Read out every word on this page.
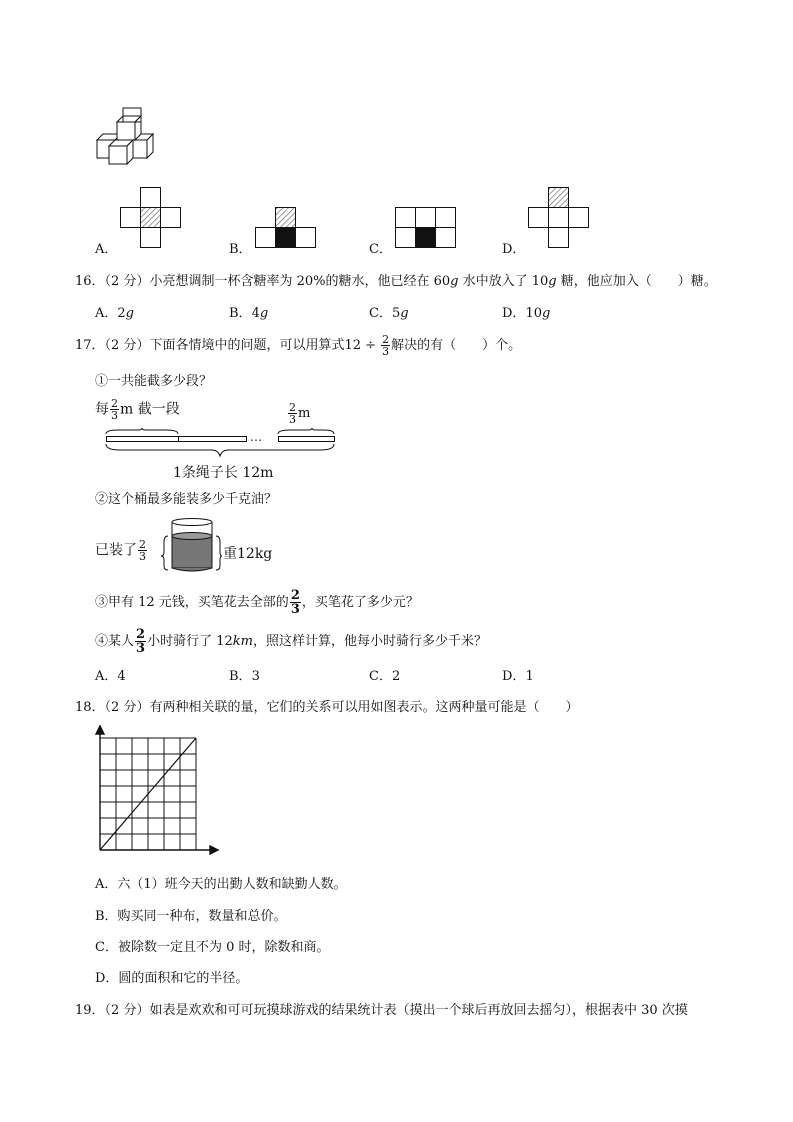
A．	B．	C．	D．
16．（2 分）小亮想调制一杯含糖率为 20%的糖水，他已经在 60g 水中放入了 10g 糖，他应加入（　　）糖。
A．2g	B．4g	C．5g	D．10g
17．（2 分）下面各情境中的问题，可以用算式$12 \div \frac{2}{3}$ 解决的有（　　）个。
①一共能截多少段？
每 $\frac{2}{3}$ m 截一段	$\frac{2}{3}$ m
…
1条绳子长 12m
②这个桶最多能装多少千克油？
已装了 $\frac{2}{3}$	重12kg
③甲有 12 元钱，买笔花去全部的 $\frac{2}{3}$ ，买笔花了多少元？
④某人 $\frac{2}{3}$ 小时骑行了 12km，照这样计算，他每小时骑行多少千米？
A．4	B．3	C．2	D．1
18．（2 分）有两种相关联的量，它们的关系可以用如图表示。这两种量可能是（　　）
A．六（1）班今天的出勤人数和缺勤人数。
B．购买同一种布，数量和总价。
C．被除数一定且不为 0 时，除数和商。
D．圆的面积和它的半径。
19．（2 分）如表是欢欢和可可玩摸球游戏的结果统计表（摸出一个球后再放回去摇匀），根据表中 30 次摸
